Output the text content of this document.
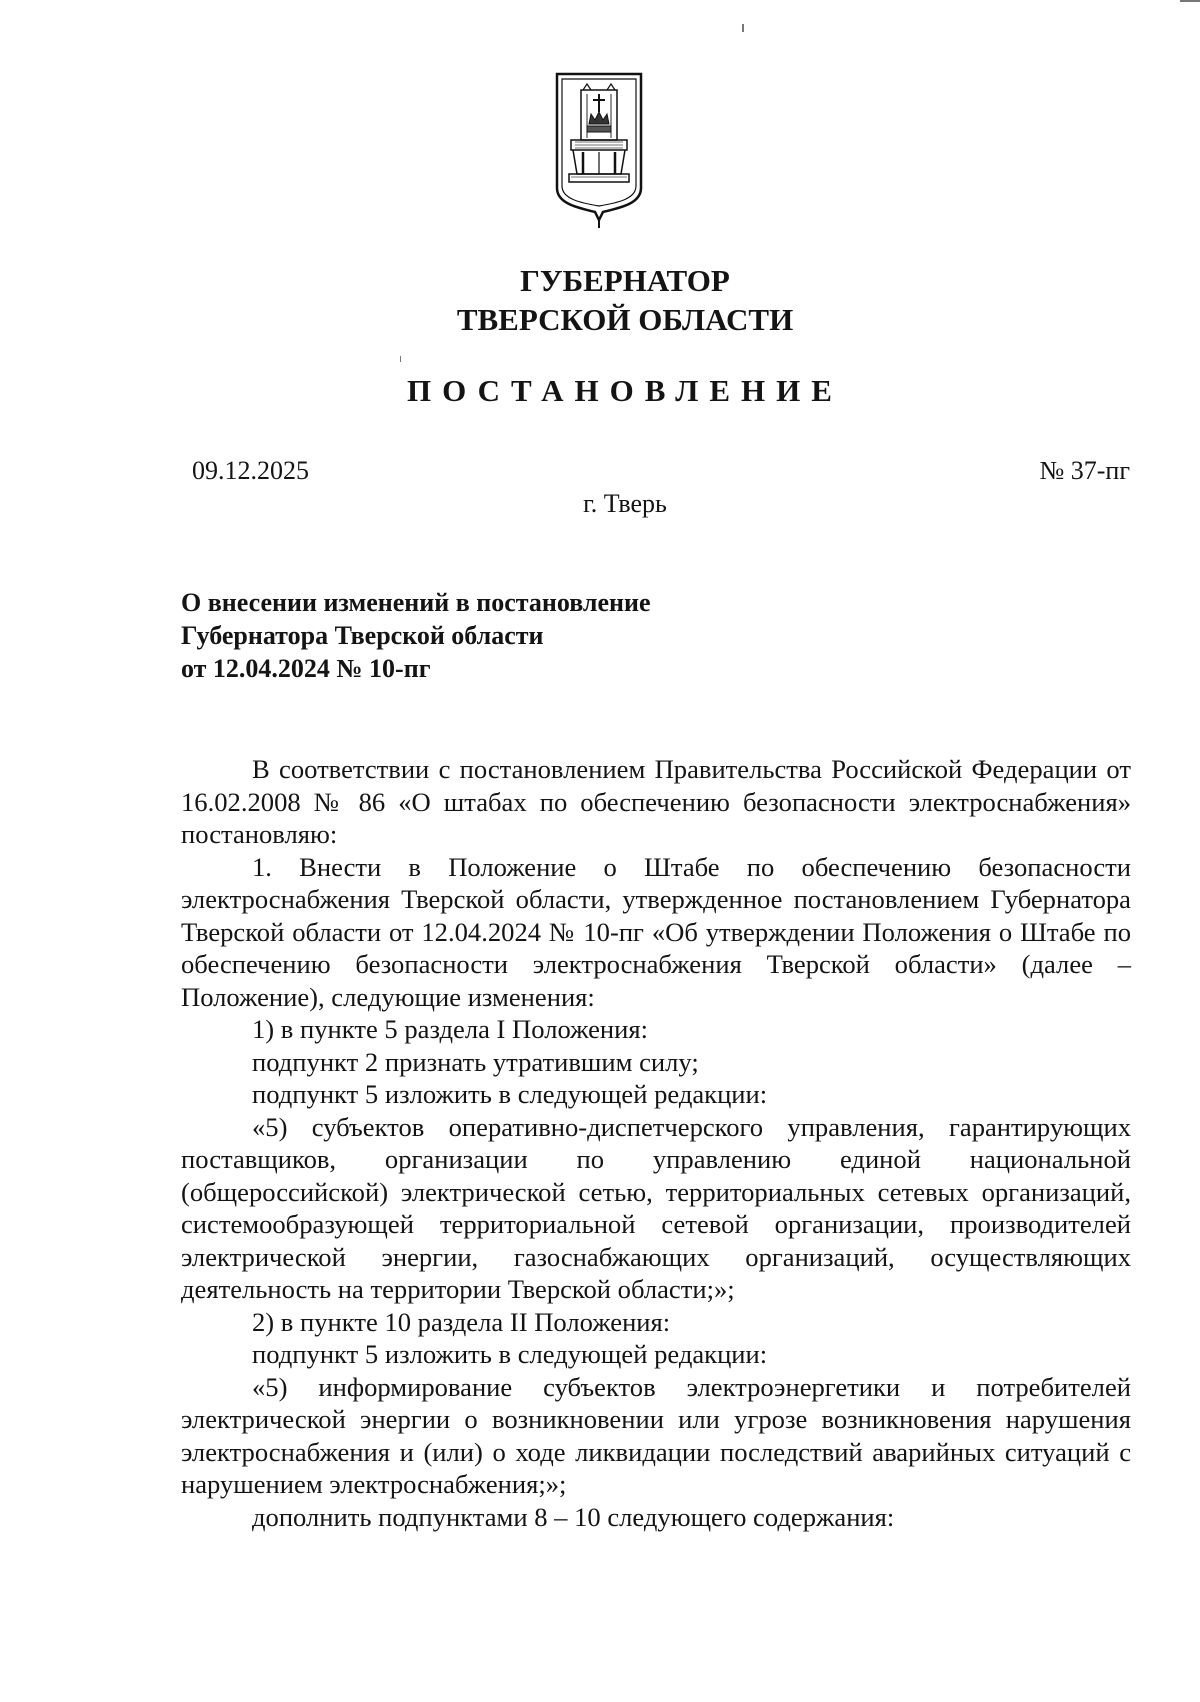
ГУБЕРНАТОР
ТВЕРСКОЙ ОБЛАСТИ
ПОСТАНОВЛЕНИЕ
09.12.2025	№ 37-пг
г. Тверь
О внесении изменений в постановление
Губернатора Тверской области
от 12.04.2024 № 10-пг

В соответствии с постановлением Правительства Российской Федерации от 16.02.2008 № 86 «О штабах по обеспечению безопасности электроснабжения» постановляю:

1. Внести в Положение о Штабе по обеспечению безопасности электроснабжения Тверской области, утвержденное постановлением Губернатора Тверской области от 12.04.2024 № 10-пг «Об утверждении Положения о Штабе по обеспечению безопасности электроснабжения Тверской области» (далее – Положение), следующие изменения:

1) в пункте 5 раздела I Положения:

подпункт 2 признать утратившим силу;

подпункт 5 изложить в следующей редакции:

«5) субъектов оперативно-диспетчерского управления, гарантирующих поставщиков, организации по управлению единой национальной (общероссийской) электрической сетью, территориальных сетевых организаций, системообразующей территориальной сетевой организации, производителей электрической энергии, газоснабжающих организаций, осуществляющих деятельность на территории Тверской области;»;

2) в пункте 10 раздела II Положения:

подпункт 5 изложить в следующей редакции:

«5) информирование субъектов электроэнергетики и потребителей электрической энергии о возникновении или угрозе возникновения нарушения электроснабжения и (или) о ходе ликвидации последствий аварийных ситуаций с нарушением электроснабжения;»;

дополнить подпунктами 8 – 10 следующего содержания:
